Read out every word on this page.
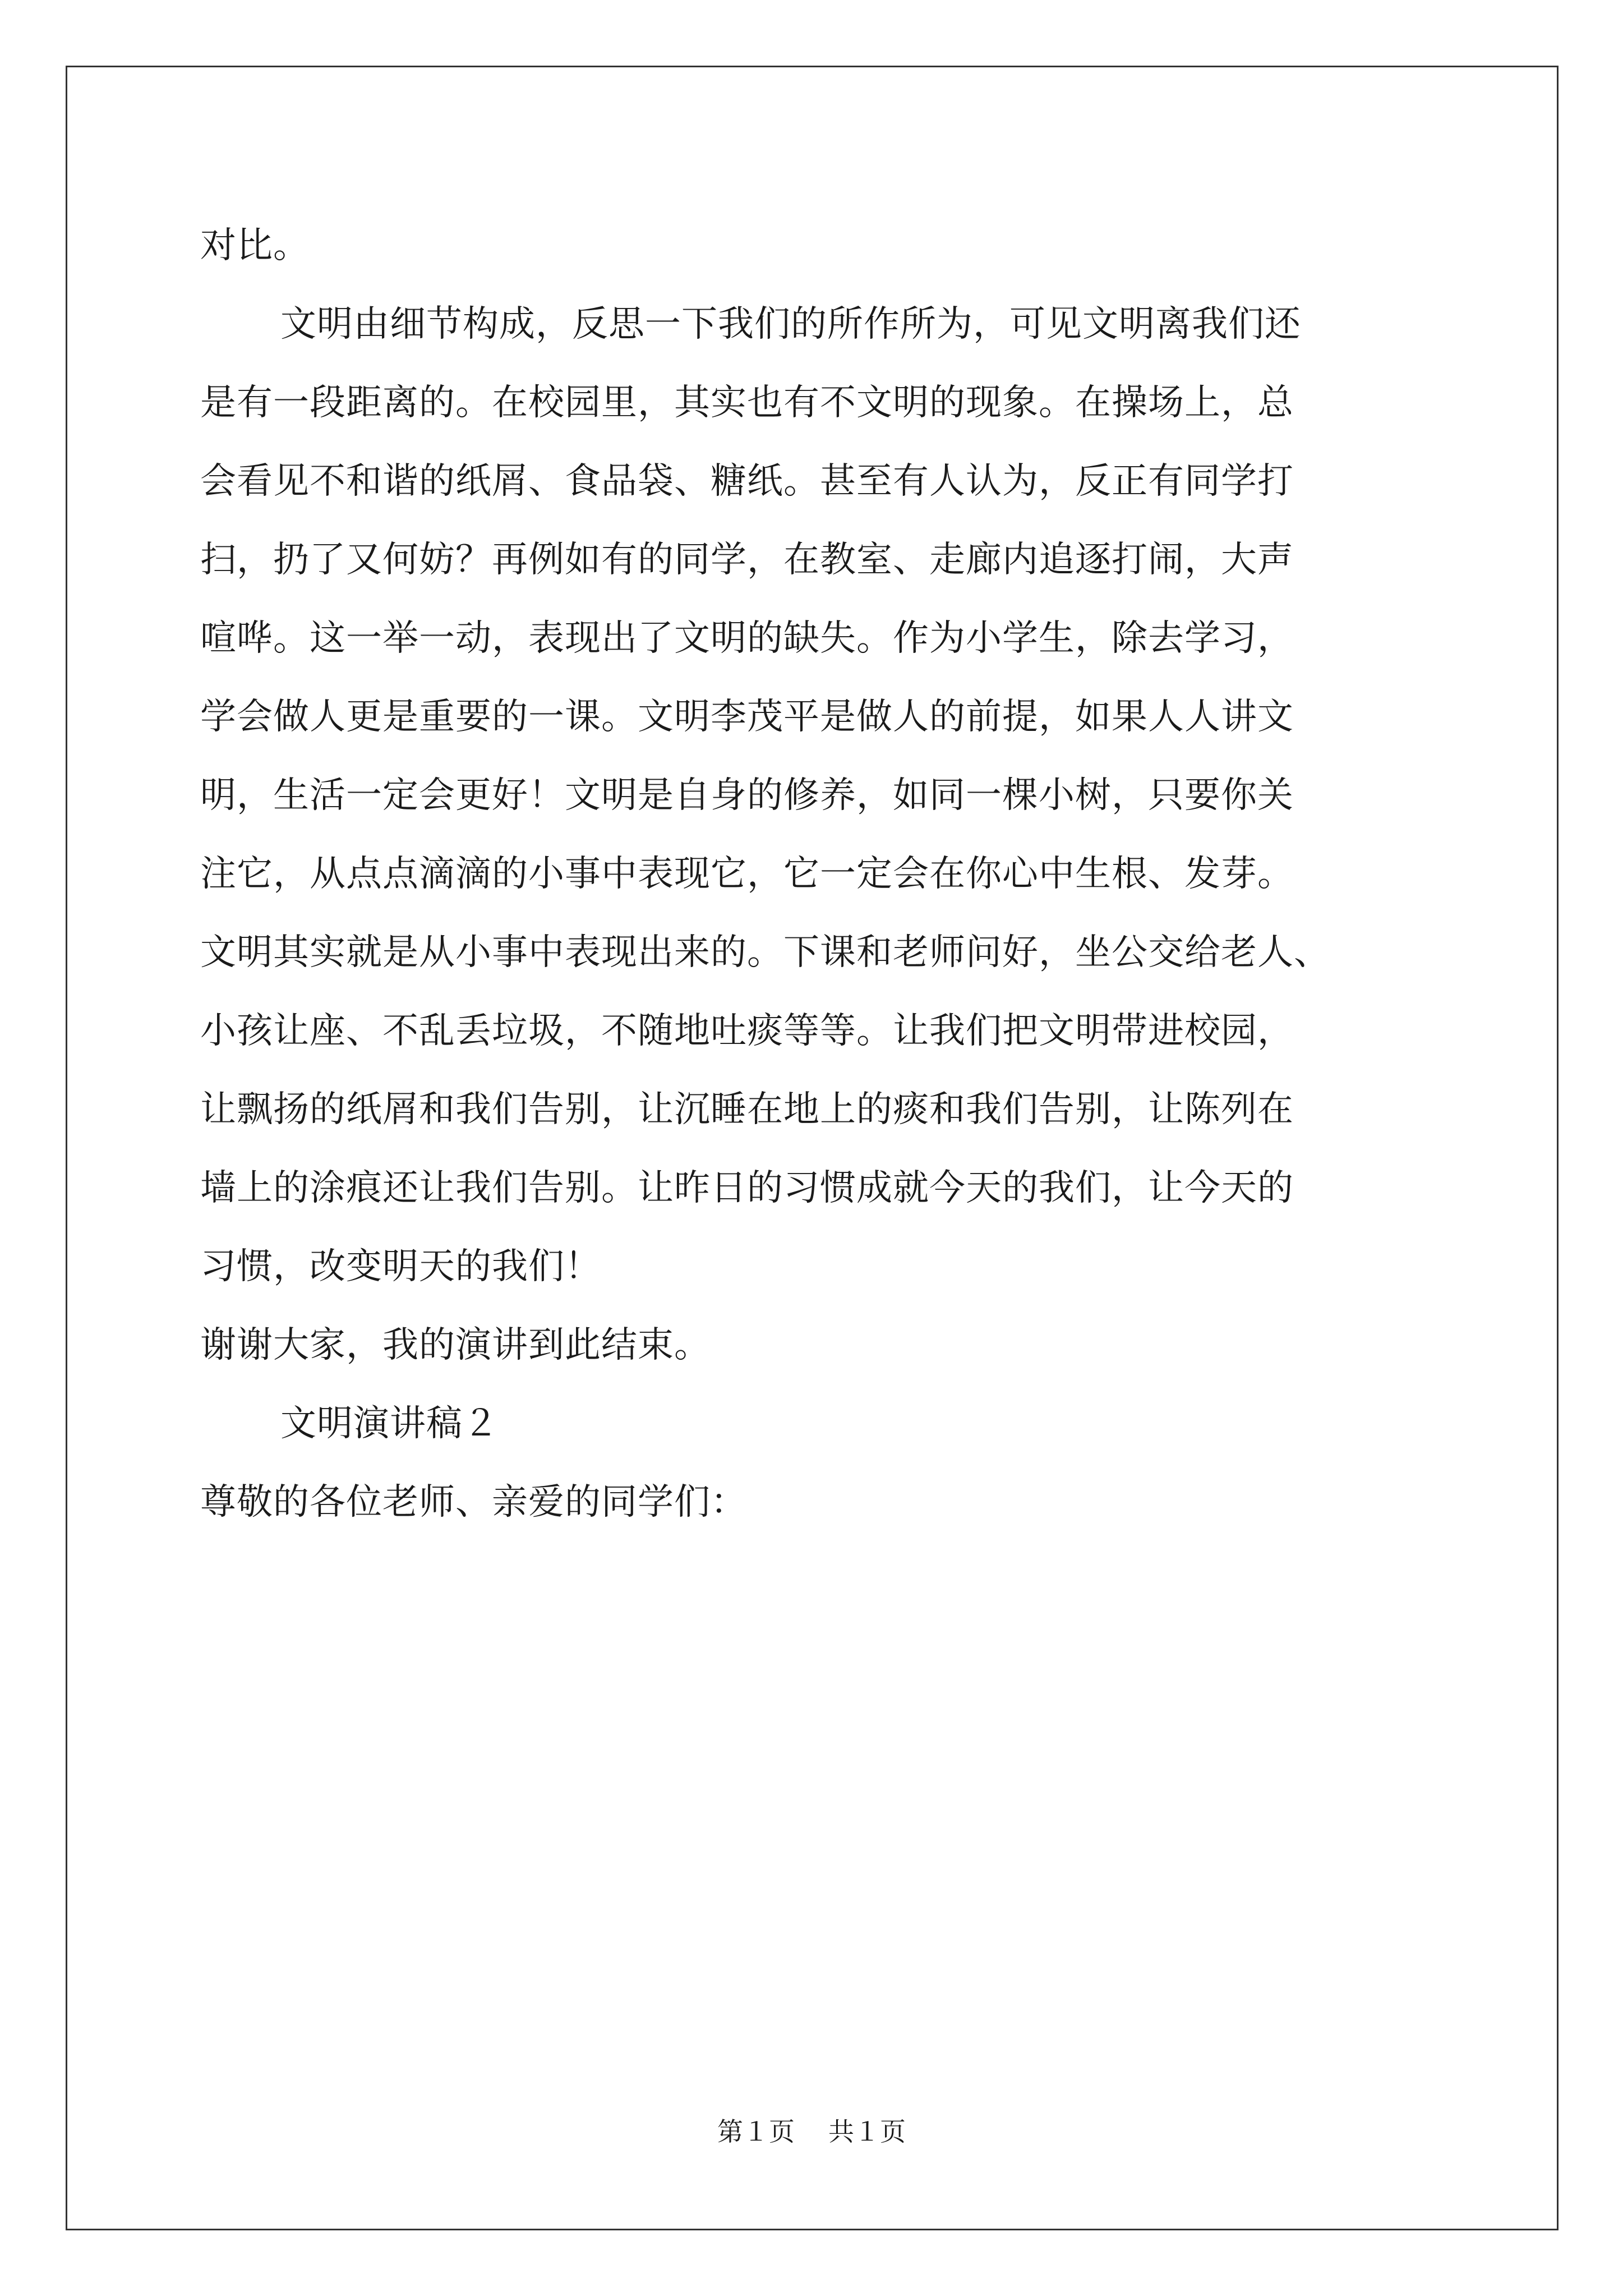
对比。
文明由细节构成，反思一下我们的所作所为，可见文明离我们还
是有一段距离的。在校园里，其实也有不文明的现象。在操场上，总
会看见不和谐的纸屑、食品袋、糖纸。甚至有人认为，反正有同学打
扫，扔了又何妨？再例如有的同学，在教室、走廊内追逐打闹，大声
喧哗。这一举一动，表现出了文明的缺失。作为小学生，除去学习，
学会做人更是重要的一课。文明李茂平是做人的前提，如果人人讲文
明，生活一定会更好！文明是自身的修养，如同一棵小树，只要你关
注它，从点点滴滴的小事中表现它，它一定会在你心中生根、发芽。
文明其实就是从小事中表现出来的。下课和老师问好，坐公交给老人、
小孩让座、不乱丢垃圾，不随地吐痰等等。让我们把文明带进校园，
让飘扬的纸屑和我们告别，让沉睡在地上的痰和我们告别，让陈列在
墙上的涂痕还让我们告别。让昨日的习惯成就今天的我们，让今天的
习惯，改变明天的我们！
谢谢大家，我的演讲到此结束。
文明演讲稿２
尊敬的各位老师、亲爱的同学们：
第１页 共１页
